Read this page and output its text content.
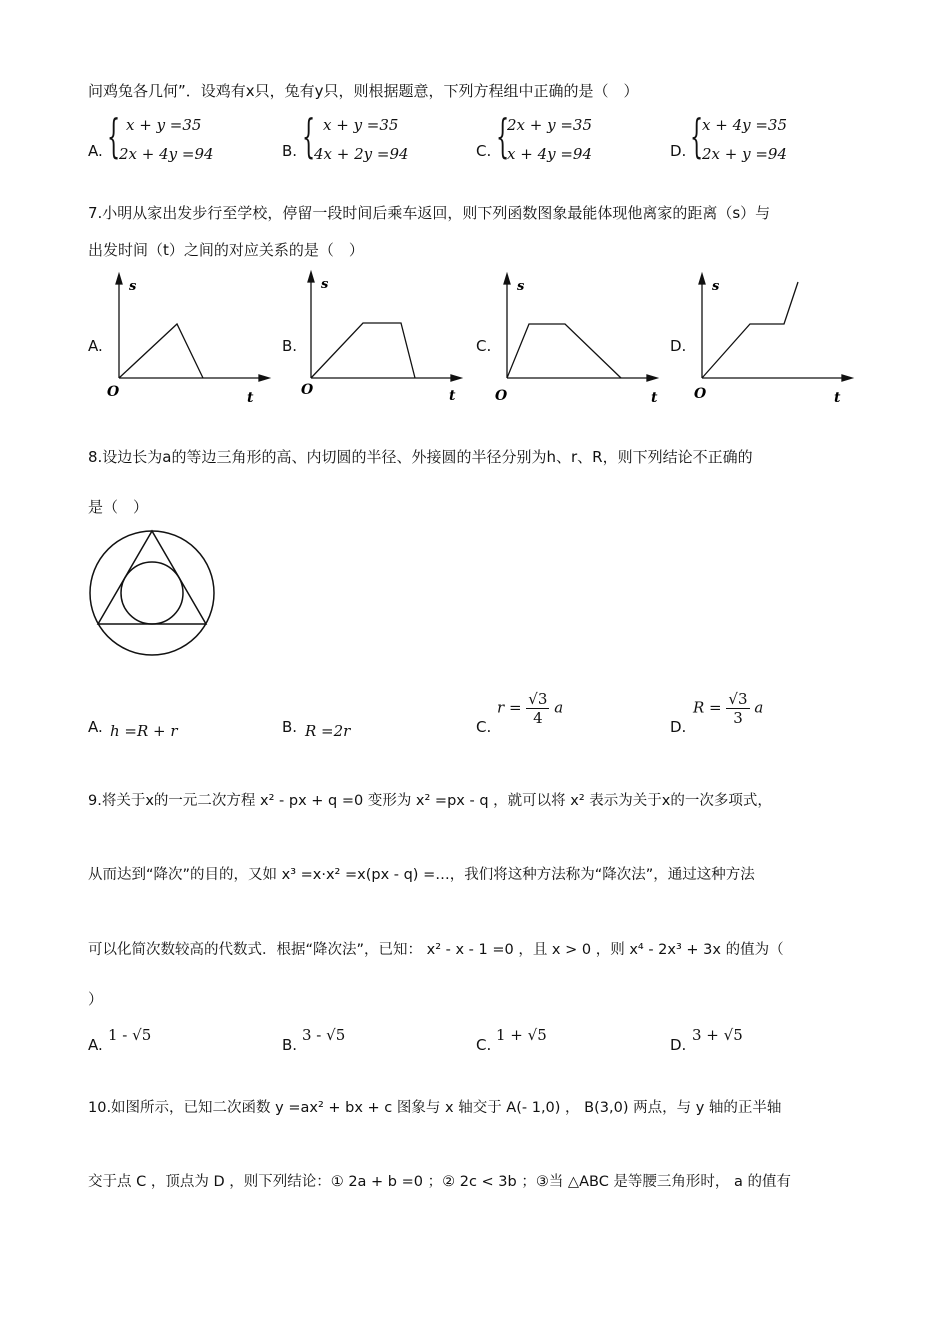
问鸡兔各几何”．设鸡有x只，兔有y只，则根据题意，下列方程组中正确的是（　）
A. { x + y =35
2x + 4y =94	B. { x + y =35
4x + 2y =94	C. {
2x + y =35
x + 4y =94	D. {
x + 4y =35
2x + y =94
7.小明从家出发步行至学校，停留一段时间后乘车返回，则下列函数图象最能体现他离家的距离（s）与
出发时间（t）之间的对应关系的是（　）
A.
s
O	t
B.
s
O	t
C.
s
O	t
D.
s
O	t
8.设边长为a的等边三角形的高、内切圆的半径、外接圆的半径分别为h、r、R，则下列结论不正确的
是（　）
A. h =R + r	B. R =2r	C.
$r = \frac{√3}{4}$ a
D.
$R = \frac{√3}{3}$ a
9.将关于x的一元二次方程 x² - px + q =0 变形为 x² =px - q ，就可以将 x² 表示为关于x的一次多项式，
从而达到“降次”的目的，又如 x³ =x·x² =x(px - q) =…，我们将这种方法称为“降次法”，通过这种方法
可以化简次数较高的代数式．根据“降次法”，已知： x² - x - 1 =0 ，且 x > 0 ，则 x⁴ - 2x³ + 3x 的值为（
）
A.
1 - √5
B.
3 - √5
C.
1 + √5
D.
3 + √5
10.如图所示，已知二次函数 y =ax² + bx + c 图象与 x 轴交于 A(- 1,0) ， B(3,0) 两点，与 y 轴的正半轴
交于点 C ，顶点为 D ，则下列结论：① 2a + b =0 ；② 2c < 3b ；③当 △ABC 是等腰三角形时， a 的值有
